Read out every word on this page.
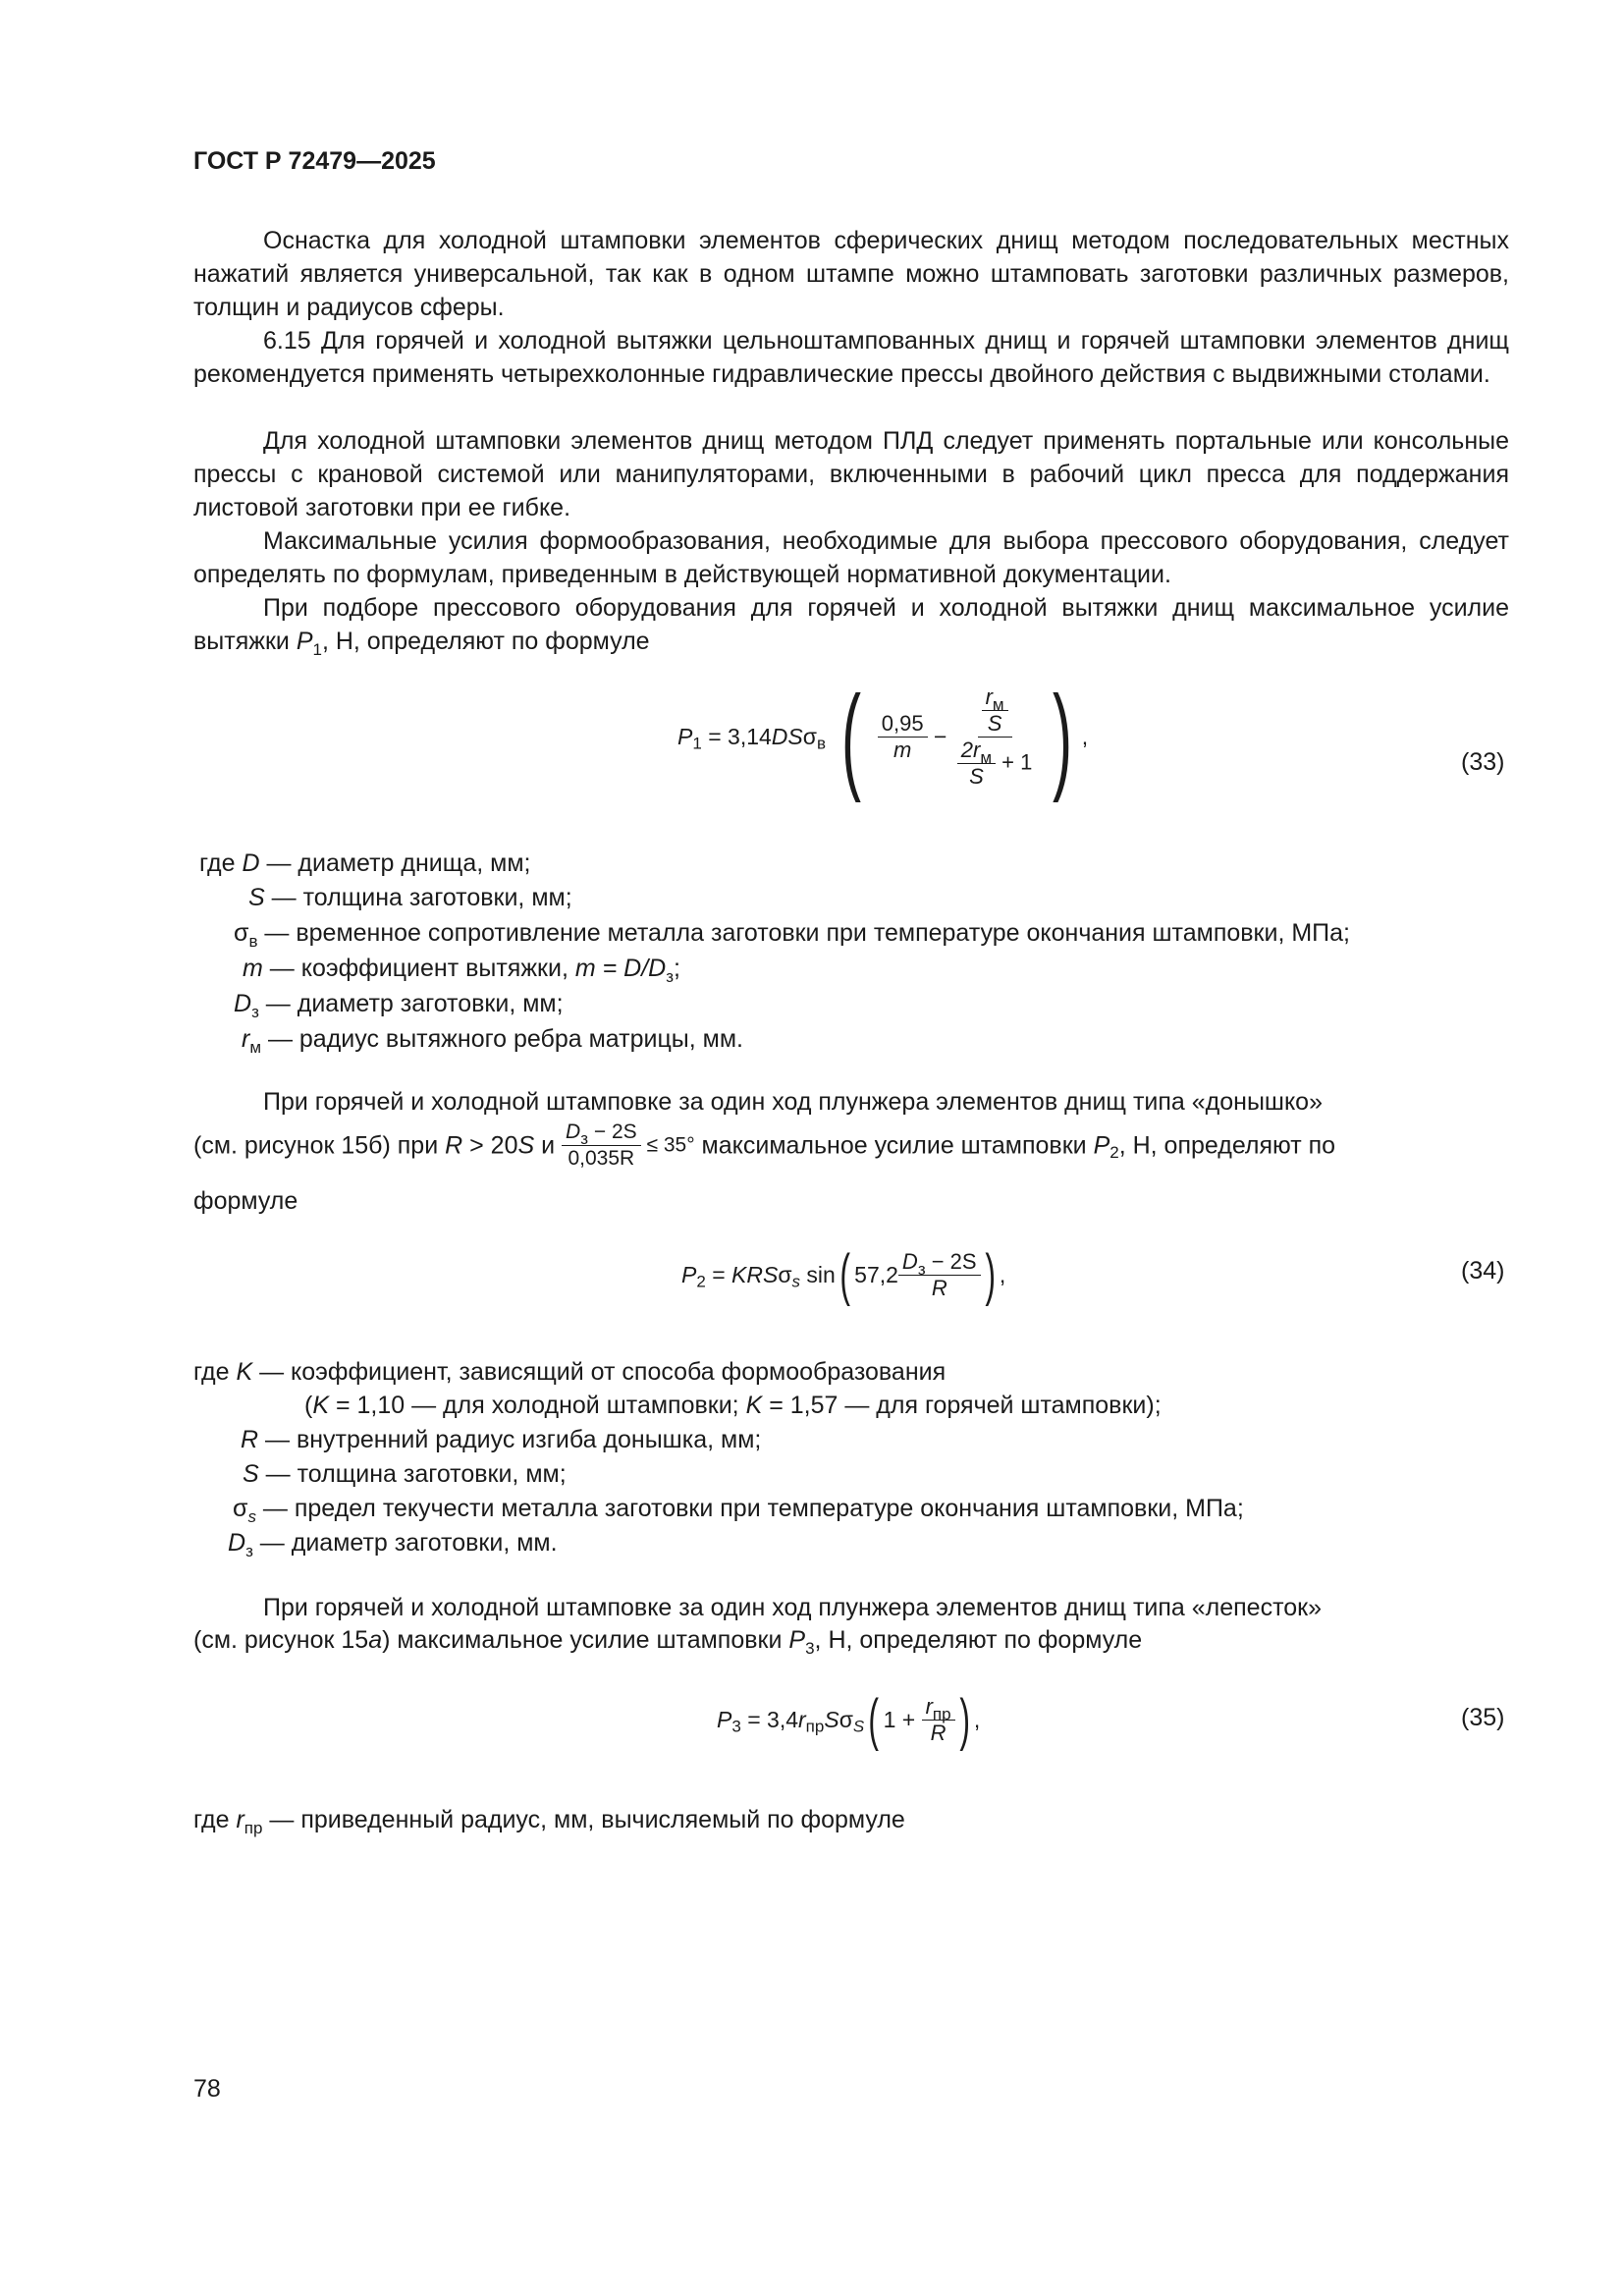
ГОСТ Р 72479—2025

Оснастка для холодной штамповки элементов сферических днищ методом последовательных местных нажатий является универсальной, так как в одном штампе можно штамповать заготовки различных размеров, толщин и радиусов сферы.

6.15 Для горячей и холодной вытяжки цельноштампованных днищ и горячей штамповки элементов днищ рекомендуется применять четырехколонные гидравлические прессы двойного действия с выдвижными столами.

Для холодной штамповки элементов днищ методом ПЛД следует применять портальные или консольные прессы с крановой системой или манипуляторами, включенными в рабочий цикл пресса для поддержания листовой заготовки при ее гибке.

Максимальные усилия формообразования, необходимые для выбора прессового оборудования, следует определять по формулам, приведенным в действующей нормативной документации.

При подборе прессового оборудования для горячей и холодной вытяжки днищ максимальное усилие вытяжки $P_1$, Н, определяют по формуле

$P_1 = 3,14DS\sigma_в$ ( $\frac{0,95}{m} - \frac{\frac{r_м}{S}}{\frac{2r_м}{S} + 1}$ ) ,
(33)
где D — диаметр днища, мм;
S — толщина заготовки, мм;
$\sigma_в$ — временное сопротивление металла заготовки при температуре окончания штамповки, МПа;
m — коэффициент вытяжки, $m = D/D_з$;
$D_з$ — диаметр заготовки, мм;
$r_м$ — радиус вытяжного ребра матрицы, мм.
При горячей и холодной штамповке за один ход плунжера элементов днищ типа «донышко»
(см. рисунок 15б) при R > 20S и $\frac{D_з - 2S}{0,035R} \le 35^\circ$ максимальное усилие штамповки $P_2$, Н, определяют по
формуле
$P_2 = KRS\sigma_s$ sin( $57,2 \frac{D_з - 2S}{R}$ ) ,	(34)
где K — коэффициент, зависящий от способа формообразования
(K = 1,10 — для холодной штамповки; K = 1,57 — для горячей штамповки);
R — внутренний радиус изгиба донышка, мм;
S — толщина заготовки, мм;
$\sigma_s$ — предел текучести металла заготовки при температуре окончания штамповки, МПа;
$D_з$ — диаметр заготовки, мм.
При горячей и холодной штамповке за один ход плунжера элементов днищ типа «лепесток»
(см. рисунок 15а) максимальное усилие штамповки $P_3$, Н, определяют по формуле
$P_3 = 3,4r_{пр}S\sigma_S$( $1 + \frac{r_{пр}}{R}$ ) ,	(35)
где $r_{пр}$ — приведенный радиус, мм, вычисляемый по формуле
78
